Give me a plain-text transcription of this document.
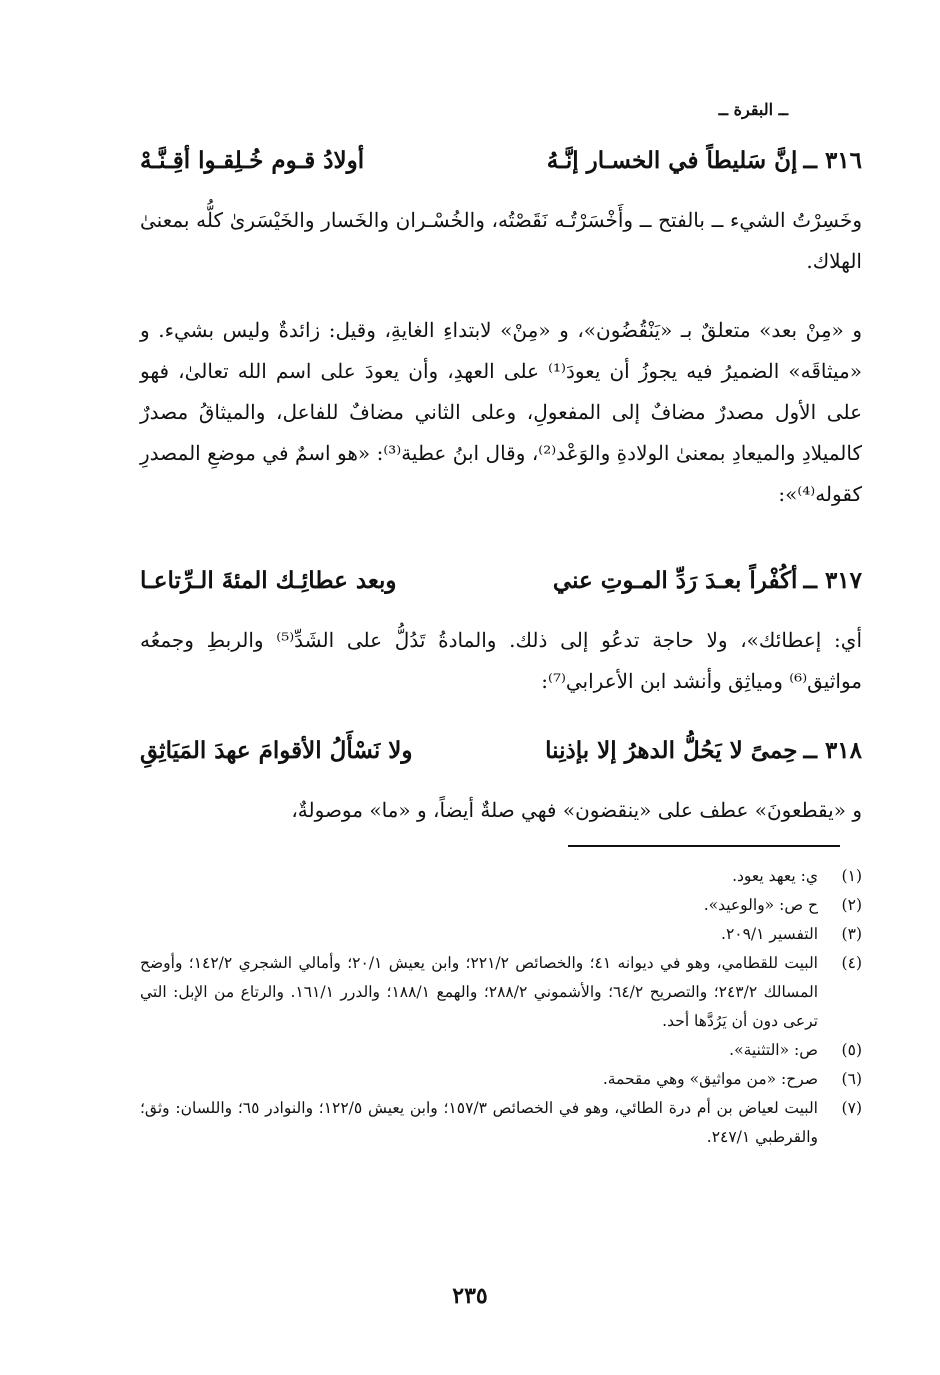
ــ البقرة ــ
٣١٦ ــ
إنَّ سَليطاً في الخسـار إنَّـهُ
أولادُ قـوم خُـلِقـوا أقِـنَّـهْ

وخَسِرْتُ الشيء ــ بالفتح ــ وأَخْسَرْتُـه نَقَصْتُه، والخُسْـران والخَسار والخَيْسَرىٰ كلُّه بمعنىٰ الهلاك.

و «مِنْ بعد» متعلقٌ بـ «يَنْقُضُون»، و «مِنْ» لابتداءِ الغايةِ، وقيل: زائدةٌ وليس بشيء. و «ميثاقَه» الضميرُ فيه يجوزُ أن يعودَ⁽¹⁾ على العهدِ، وأن يعودَ على اسم الله تعالىٰ، فهو على الأول مصدرٌ مضافٌ إلى المفعولِ، وعلى الثاني مضافٌ للفاعل، والميثاقُ مصدرٌ كالميلادِ والميعادِ بمعنىٰ الولادةِ والوَعْد⁽²⁾، وقال ابنُ عطية⁽³⁾: «هو اسمٌ في موضعِ المصدرِ كقوله⁽⁴⁾»:

٣١٧ ــ
أكُفْراً بعـدَ رَدِّ المـوتِ عني
وبعد عطائِـك المئةَ الـرِّتاعـا

أي: إعطائك»، ولا حاجة تدعُو إلى ذلك. والمادةُ تَدُلُّ على الشَدِّ⁽⁵⁾ والربطِ وجمعُه مواثيق⁽⁶⁾ ومياثِق وأنشد ابن الأعرابي⁽⁷⁾:

٣١٨ ــ
حِمىً لا يَحُلُّ الدهرُ إلا بإذنِنا
ولا نَسْأَلُ الأقوامَ عهدَ المَيَاثِقِ

و «يقطعونَ» عطف على «ينقضون» فهي صلةٌ أيضاً، و «ما» موصولةٌ،

(١)
ي: يعهد يعود.
(٢)
ح ص: «والوعيد».
(٣)
التفسير ٢٠٩/١.
(٤)
البيت للقطامي، وهو في ديوانه ٤١؛ والخصائص ٢٢١/٢؛ وابن يعيش ٢٠/١؛ وأمالي الشجري ١٤٢/٢؛ وأوضح المسالك ٢٤٣/٢؛ والتصريح ٦٤/٢؛ والأشموني ٢٨٨/٢؛ والهمع ١٨٨/١؛ والدرر ١٦١/١. والرتاع من الإبل: التي ترعى دون أن يَرُدَّها أحد.
(٥)
ص: «التثنية».
(٦)
صرح: «من مواثيق» وهي مقحمة.
(٧)
البيت لعياض بن أم درة الطائي، وهو في الخصائص ١٥٧/٣؛ وابن يعيش ١٢٢/٥؛ والنوادر ٦٥؛ واللسان: وثق؛ والقرطبي ٢٤٧/١.
٢٣٥
